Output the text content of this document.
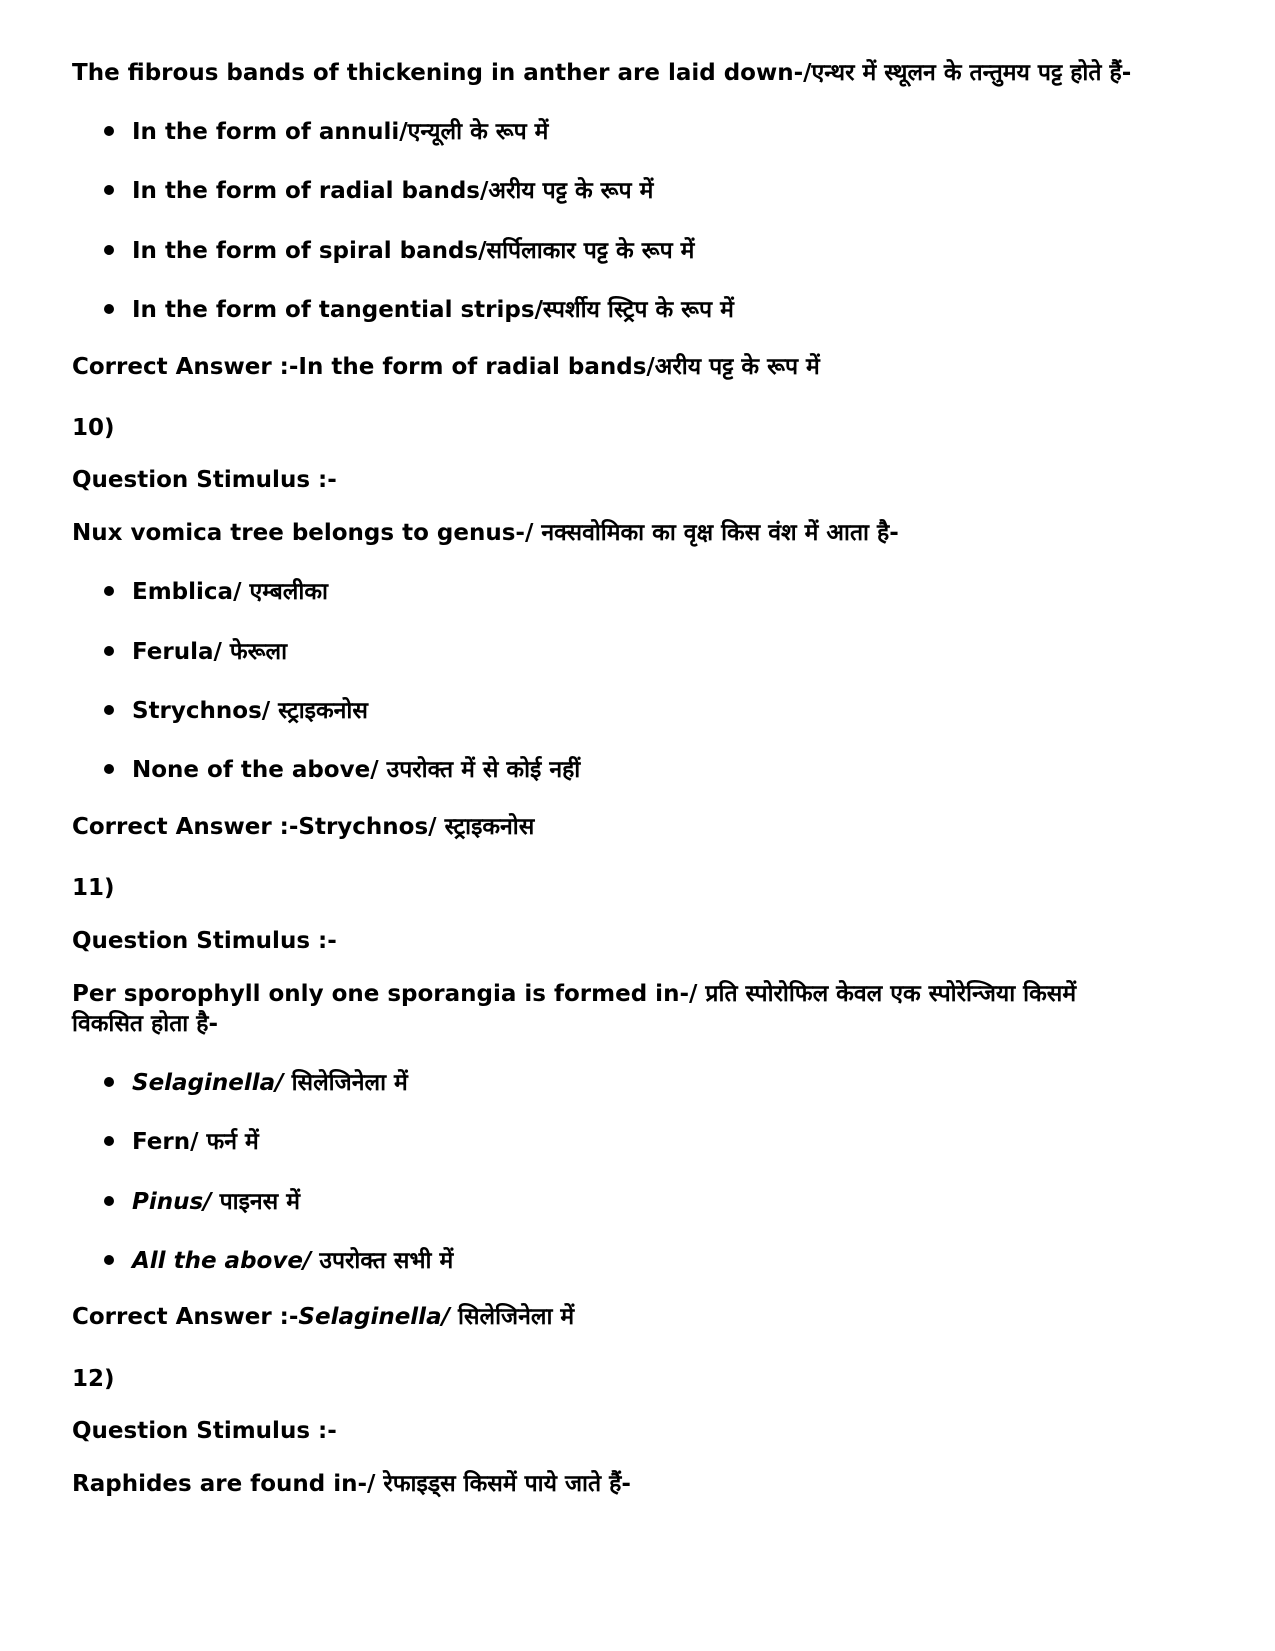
The fibrous bands of thickening in anther are laid down-/एन्थर में स्थूलन के तन्तुमय पट्ट होते हैं-
In the form of annuli/एन्यूली के रूप में
In the form of radial bands/अरीय पट्ट के रूप में
In the form of spiral bands/सर्पिलाकार पट्ट के रूप में
In the form of tangential strips/स्पर्शीय स्ट्रिप के रूप में
Correct Answer :-In the form of radial bands/अरीय पट्ट के रूप में
10)
Question Stimulus :-
Nux vomica tree belongs to genus-/ नक्सवोमिका का वृक्ष किस वंश में आता है-
Emblica/ एम्बलीका
Ferula/ फेरूला
Strychnos/ स्ट्राइकनोस
None of the above/ उपरोक्त में से कोई नहीं
Correct Answer :-Strychnos/ स्ट्राइकनोस
11)
Question Stimulus :-
Per sporophyll only one sporangia is formed in-/ प्रति स्पोरोफिल केवल एक स्पोरेन्जिया किसमें विकसित होता है-
Selaginella/ सिलेजिनेला में
Fern/ फर्न में
Pinus/ पाइनस में
All the above/ उपरोक्त सभी में
Correct Answer :-Selaginella/ सिलेजिनेला में
12)
Question Stimulus :-
Raphides are found in-/ रेफाइड्स किसमें पाये जाते हैं-
